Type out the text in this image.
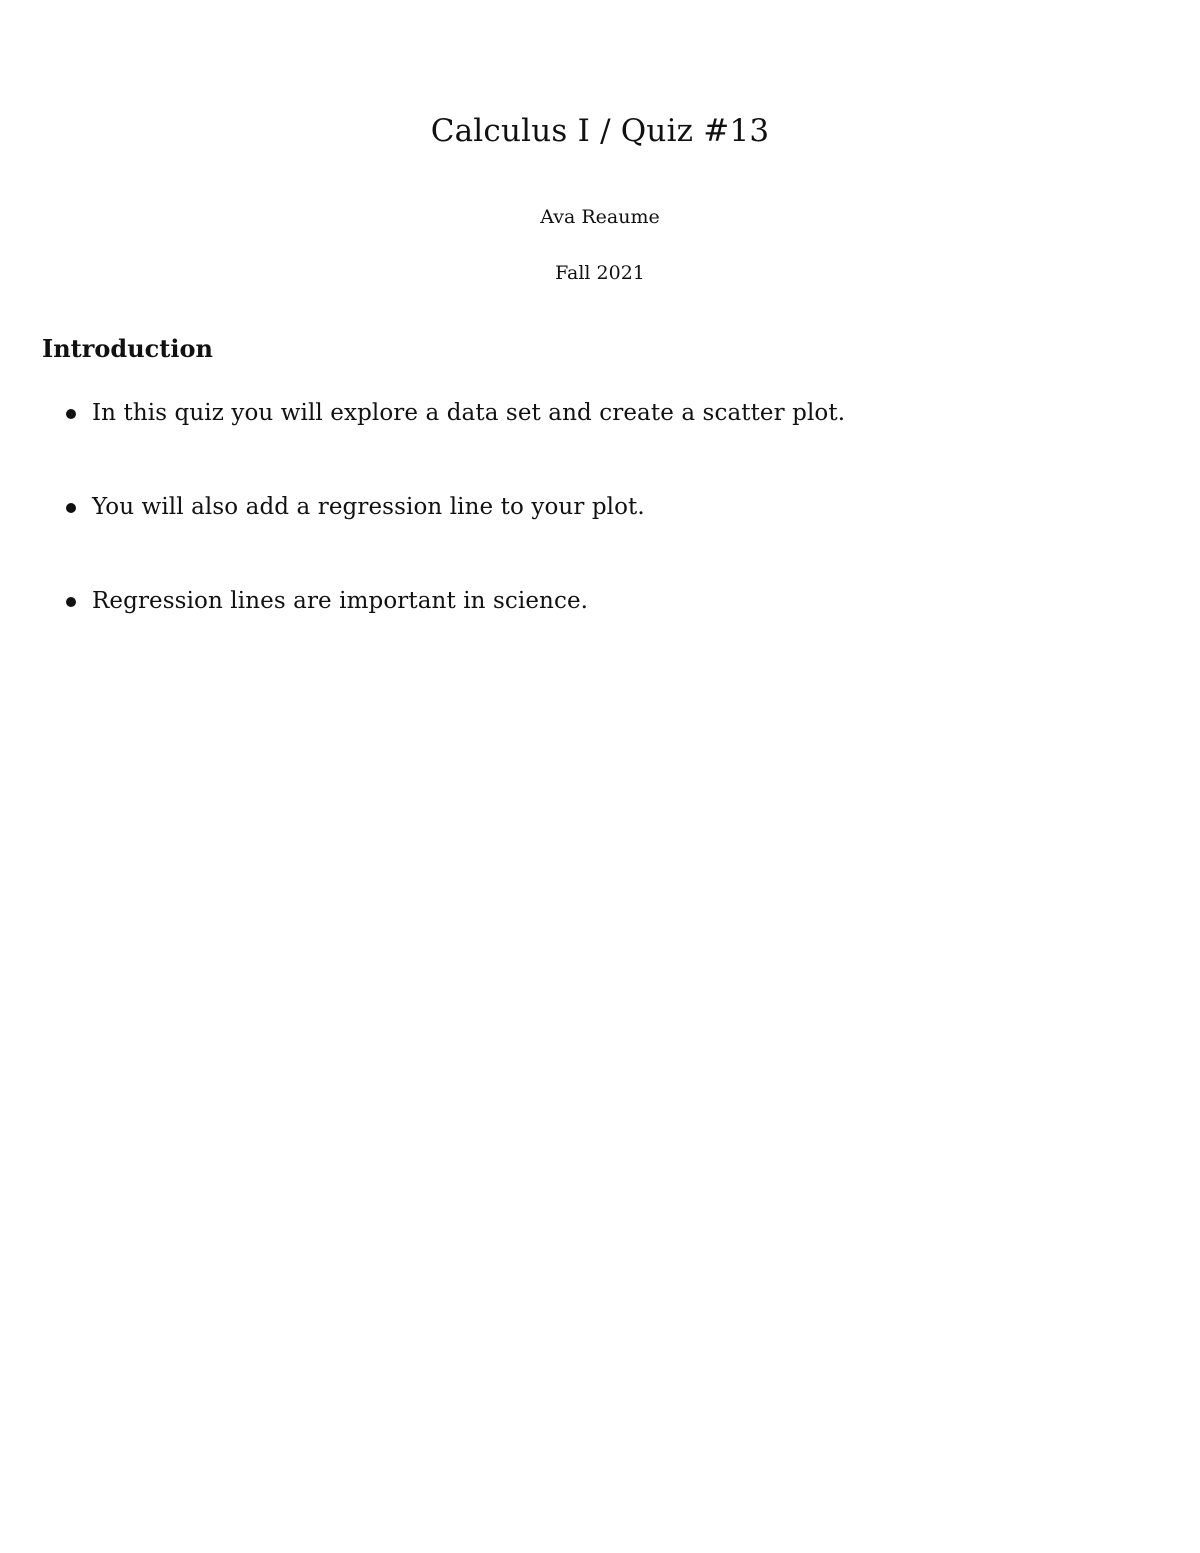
Calculus I / Quiz #13
Ava Reaume
Fall 2021
Introduction
In this quiz you will explore a data set and create a scatter plot.
You will also add a regression line to your plot.
Regression lines are important in science.
